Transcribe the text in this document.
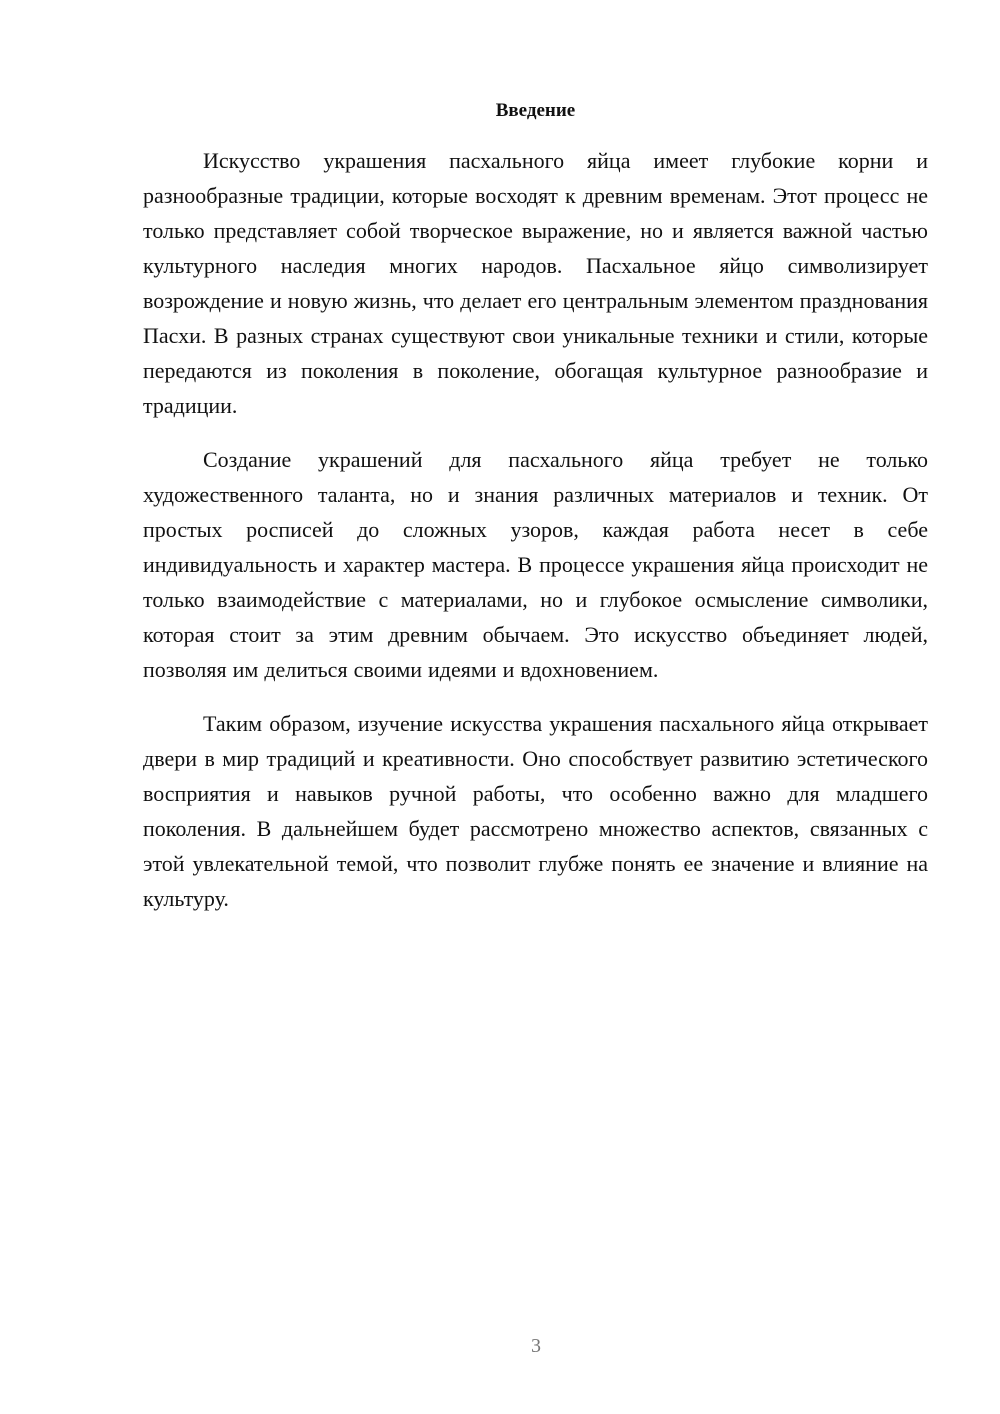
Введение

Искусство украшения пасхального яйца имеет глубокие корни и разнообразные традиции, которые восходят к древним временам. Этот процесс не только представляет собой творческое выражение, но и является важной частью культурного наследия многих народов. Пасхальное яйцо символизирует возрождение и новую жизнь, что делает его центральным элементом празднования Пасхи. В разных странах существуют свои уникальные техники и стили, которые передаются из поколения в поколение, обогащая культурное разнообразие и традиции.

Создание украшений для пасхального яйца требует не только художественного таланта, но и знания различных материалов и техник. От простых росписей до сложных узоров, каждая работа несет в себе индивидуальность и характер мастера. В процессе украшения яйца происходит не только взаимодействие с материалами, но и глубокое осмысление символики, которая стоит за этим древним обычаем. Это искусство объединяет людей, позволяя им делиться своими идеями и вдохновением.

Таким образом, изучение искусства украшения пасхального яйца открывает двери в мир традиций и креативности. Оно способствует развитию эстетического восприятия и навыков ручной работы, что особенно важно для младшего поколения. В дальнейшем будет рассмотрено множество аспектов, связанных с этой увлекательной темой, что позволит глубже понять ее значение и влияние на культуру.

3
